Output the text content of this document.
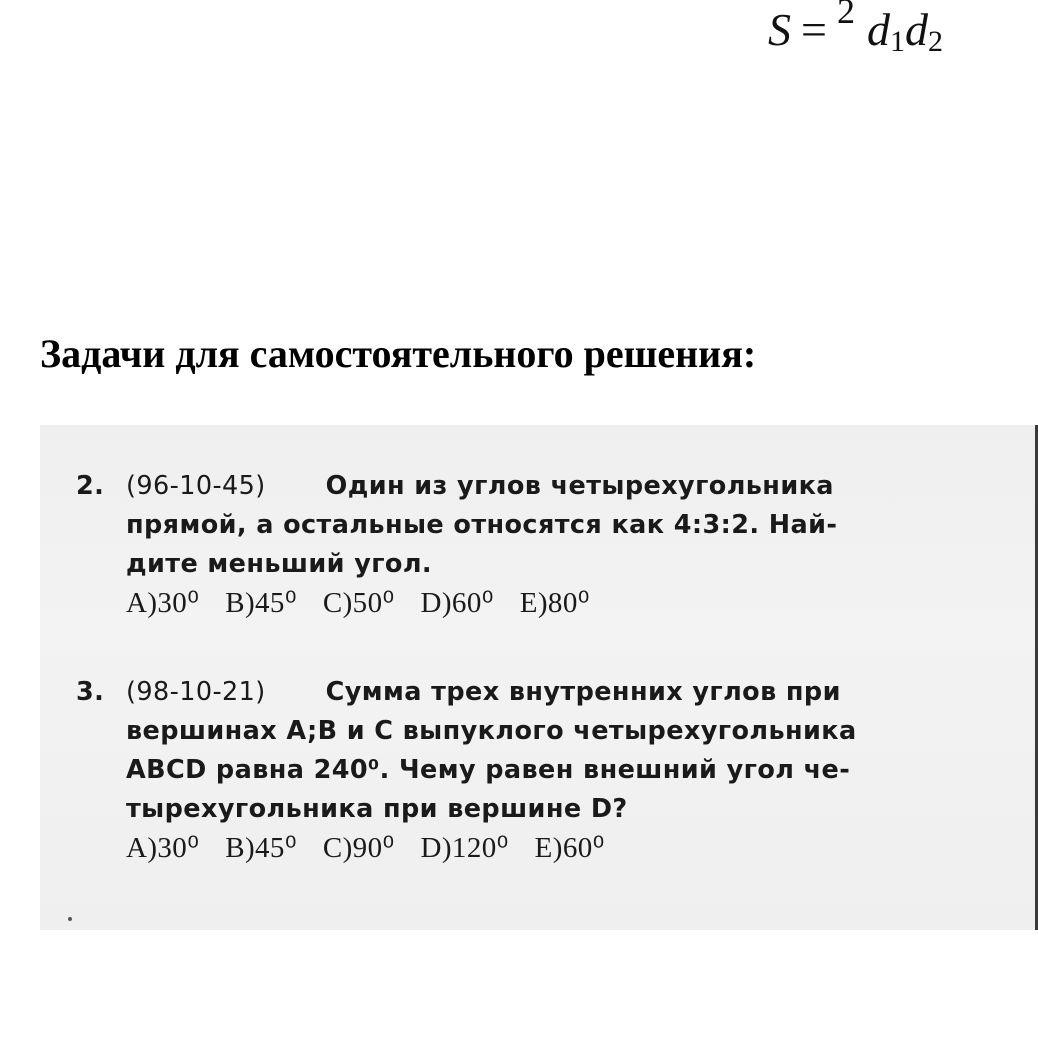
S = $^2$ $d_1d_2$
Задачи для самостоятельного решения:
2. (96-10-45) Один из углов четырехугольника
прямой, а остальные относятся как 4:3:2. Най-
дите меньший угол.
A)30⁰ B)45⁰ C)50⁰ D)60⁰ E)80⁰
3. (98-10-21) Сумма трех внутренних углов при
вершинах A;B и C выпуклого четырехугольника
ABCD равна 240⁰. Чему равен внешний угол че-
тырехугольника при вершине D?
A)30⁰ B)45⁰ C)90⁰ D)120⁰ E)60⁰
